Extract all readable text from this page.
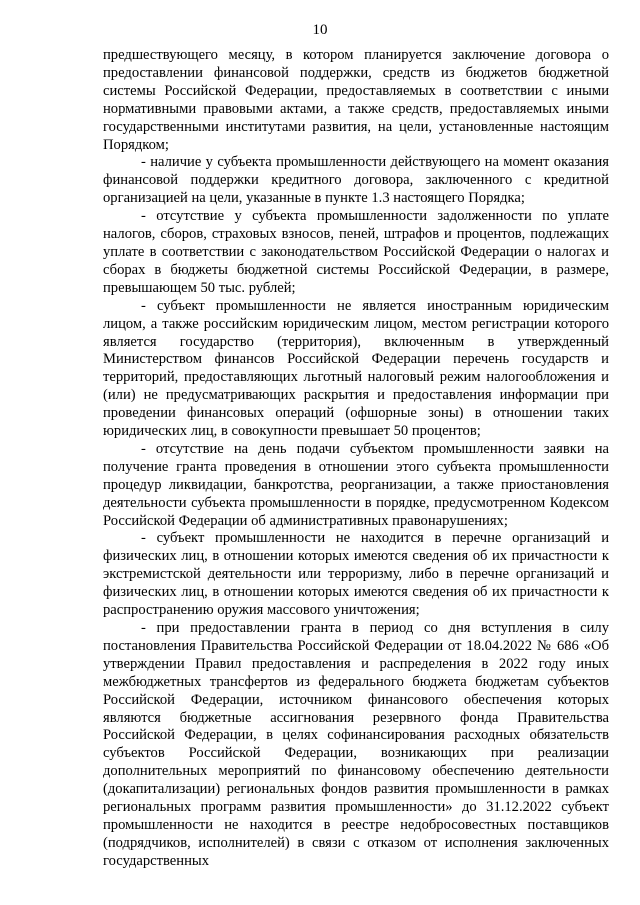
10

предшествующего месяцу, в котором планируется заключение договора о предоставлении финансовой поддержки, средств из бюджетов бюджетной системы Российской Федерации, предоставляемых в соответствии с иными нормативными правовыми актами, а также средств, предоставляемых иными государственными институтами развития, на цели, установленные настоящим Порядком;

- наличие у субъекта промышленности действующего на момент оказания финансовой поддержки кредитного договора, заключенного с кредитной организацией на цели, указанные в пункте 1.3 настоящего Порядка;

- отсутствие у субъекта промышленности задолженности по уплате налогов, сборов, страховых взносов, пеней, штрафов и процентов, подлежащих уплате в соответствии с законодательством Российской Федерации о налогах и сборах в бюджеты бюджетной системы Российской Федерации, в размере, превышающем 50 тыс. рублей;

- субъект промышленности не является иностранным юридическим лицом, а также российским юридическим лицом, местом регистрации которого является государство (территория), включенным в утвержденный Министерством финансов Российской Федерации перечень государств и территорий, предоставляющих льготный налоговый режим налогообложения и (или) не предусматривающих раскрытия и предоставления информации при проведении финансовых операций (офшорные зоны) в отношении таких юридических лиц, в совокупности превышает 50 процентов;

- отсутствие на день подачи субъектом промышленности заявки на получение гранта проведения в отношении этого субъекта промышленности процедур ликвидации, банкротства, реорганизации, а также приостановления деятельности субъекта промышленности в порядке, предусмотренном Кодексом Российской Федерации об административных правонарушениях;

- субъект промышленности не находится в перечне организаций и физических лиц, в отношении которых имеются сведения об их причастности к экстремистской деятельности или терроризму, либо в перечне организаций и физических лиц, в отношении которых имеются сведения об их причастности к распространению оружия массового уничтожения;

- при предоставлении гранта в период со дня вступления в силу постановления Правительства Российской Федерации от 18.04.2022 № 686 «Об утверждении Правил предоставления и распределения в 2022 году иных межбюджетных трансфертов из федерального бюджета бюджетам субъектов Российской Федерации, источником финансового обеспечения которых являются бюджетные ассигнования резервного фонда Правительства Российской Федерации, в целях софинансирования расходных обязательств субъектов Российской Федерации, возникающих при реализации дополнительных мероприятий по финансовому обеспечению деятельности (докапитализации) региональных фондов развития промышленности в рамках региональных программ развития промышленности» до 31.12.2022 субъект промышленности не находится в реестре недобросовестных поставщиков (подрядчиков, исполнителей) в связи с отказом от исполнения заключенных государственных
